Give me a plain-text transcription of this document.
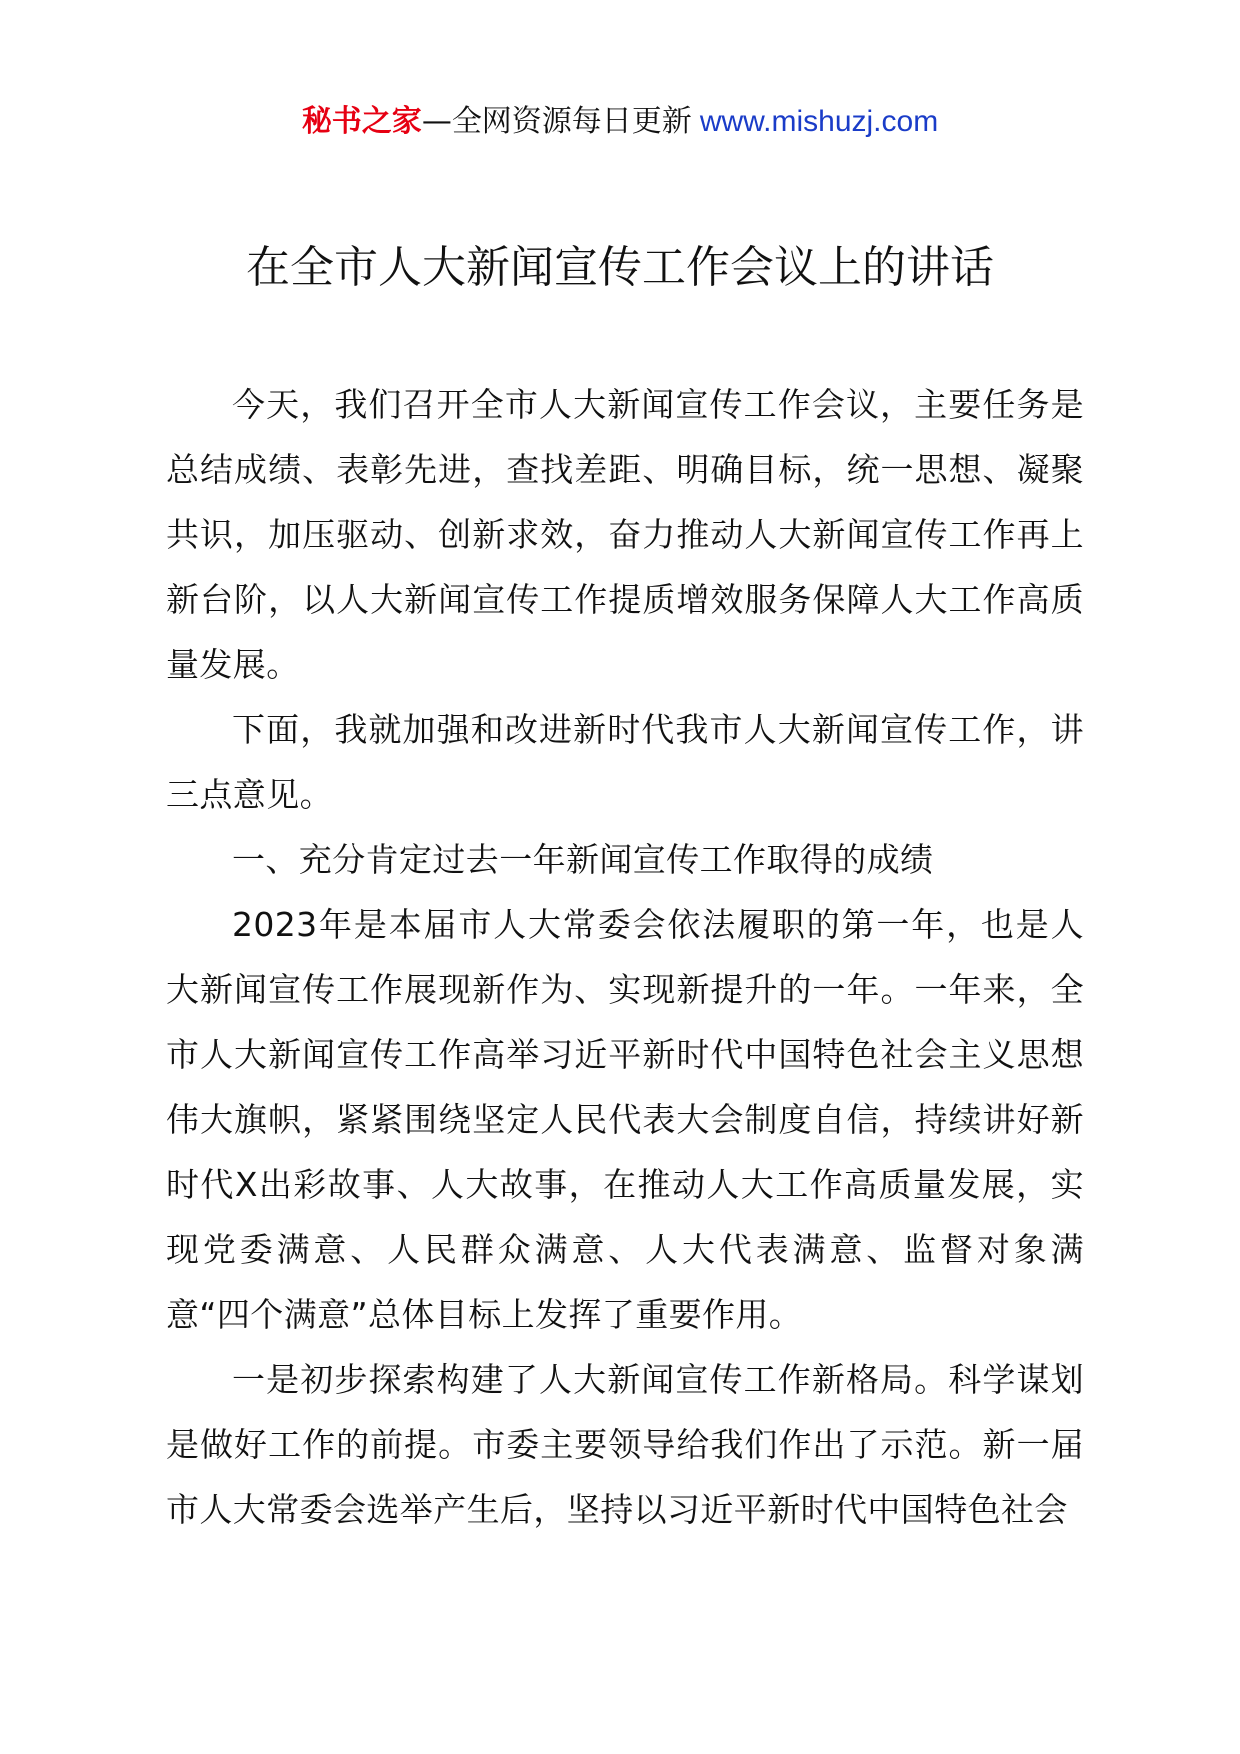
秘书之家—全网资源每日更新 www.mishuzj.com
在全市人大新闻宣传工作会议上的讲话

今天，我们召开全市人大新闻宣传工作会议，主要任务是总结成绩、表彰先进，查找差距、明确目标，统一思想、凝聚共识，加压驱动、创新求效，奋力推动人大新闻宣传工作再上新台阶，以人大新闻宣传工作提质增效服务保障人大工作高质量发展。

下面，我就加强和改进新时代我市人大新闻宣传工作，讲三点意见。

一、充分肯定过去一年新闻宣传工作取得的成绩

2023年是本届市人大常委会依法履职的第一年，也是人大新闻宣传工作展现新作为、实现新提升的一年。一年来，全市人大新闻宣传工作高举习近平新时代中国特色社会主义思想伟大旗帜，紧紧围绕坚定人民代表大会制度自信，持续讲好新时代X出彩故事、人大故事，在推动人大工作高质量发展，实现党委满意、人民群众满意、人大代表满意、监督对象满意“四个满意”总体目标上发挥了重要作用。

一是初步探索构建了人大新闻宣传工作新格局。科学谋划是做好工作的前提。市委主要领导给我们作出了示范。新一届市人大常委会选举产生后，坚持以习近平新时代中国特色社会
